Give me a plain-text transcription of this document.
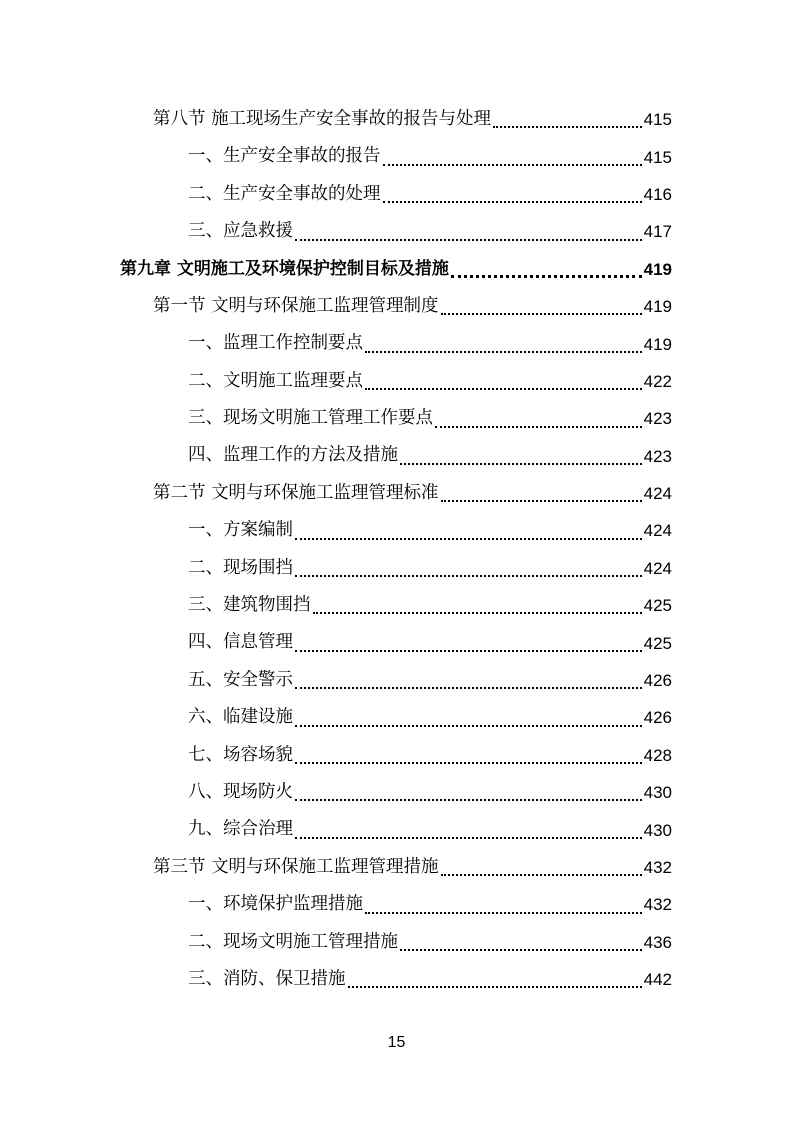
第八节 施工现场生产安全事故的报告与处理	415
一、生产安全事故的报告	415
二、生产安全事故的处理	416
三、应急救援	417
第九章 文明施工及环境保护控制目标及措施	419
第一节 文明与环保施工监理管理制度	419
一、监理工作控制要点	419
二、文明施工监理要点	422
三、现场文明施工管理工作要点	423
四、监理工作的方法及措施	423
第二节 文明与环保施工监理管理标准	424
一、方案编制	424
二、现场围挡	424
三、建筑物围挡	425
四、信息管理	425
五、安全警示	426
六、临建设施	426
七、场容场貌	428
八、现场防火	430
九、综合治理	430
第三节 文明与环保施工监理管理措施	432
一、环境保护监理措施	432
二、现场文明施工管理措施	436
三、消防、保卫措施	442
15
